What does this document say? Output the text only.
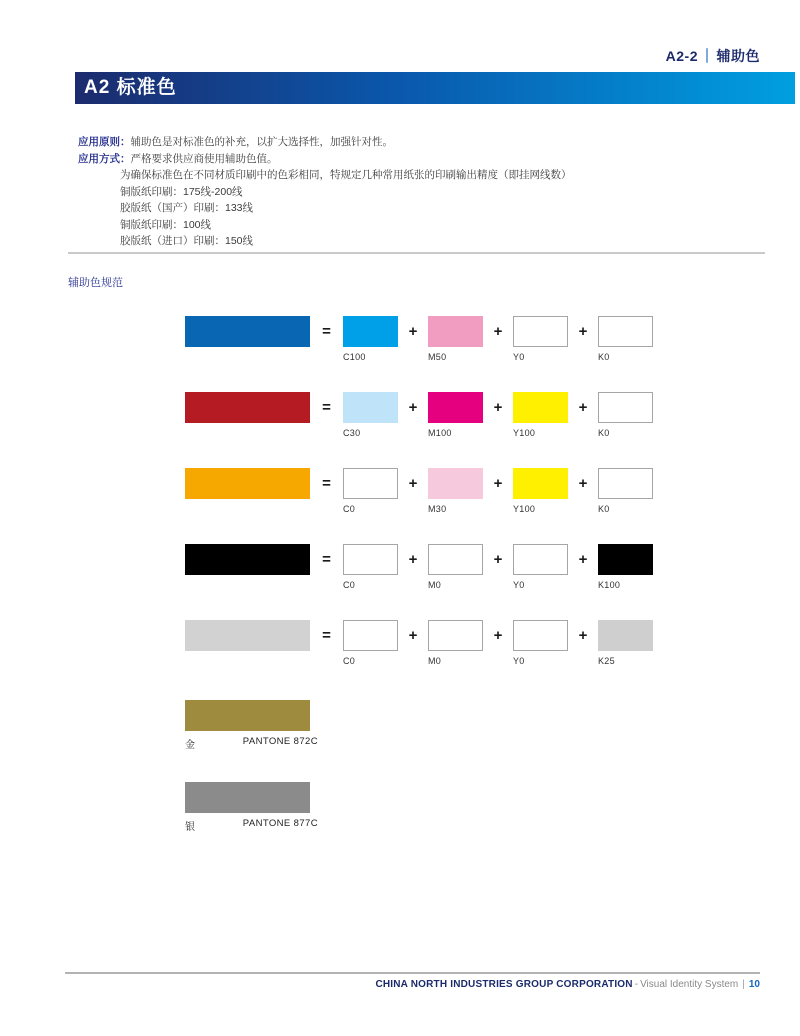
A2-2 ｜ 辅助色
A2 标准色
应用原则：辅助色是对标准色的补充，以扩大选择性，加强针对性。
应用方式：严格要求供应商使用辅助色值。
为确保标准色在不同材质印刷中的色彩相同，特规定几种常用纸张的印刷输出精度（即挂网线数）
铜版纸印刷：175线-200线
胶版纸（国产）印刷：133线
铜版纸印刷：100线
胶版纸（进口）印刷：150线
辅助色规范
=
C100
+
M50
+
Y0
+
K0
=
C30
+
M100
+
Y100
+
K0
=
C0
+
M30
+
Y100
+
K0
=
C0
+
M0
+
Y0
+
K100
=
C0
+
M0
+
Y0
+
K25
金	PANTONE 872C
银	PANTONE 877C
CHINA NORTH INDUSTRIES GROUP CORPORATION - Visual Identity System | 10
